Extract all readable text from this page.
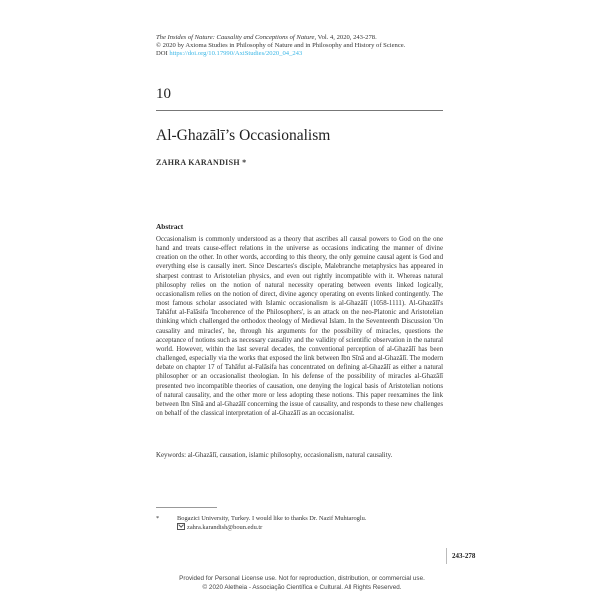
The Insides of Nature: Causality and Conceptions of Nature, Vol. 4, 2020, 243-278.
© 2020 by Axioma Studies in Philosophy of Nature and in Philosophy and History of Science.
DOI https://doi.org/10.17990/AxiStudies/2020_04_243
10
Al-Ghazālī’s Occasionalism
ZAHRA KARANDISH *
Abstract
Occasionalism is commonly understood as a theory that ascribes all causal powers to God on the one hand and treats cause-effect relations in the universe as occasions indicating the manner of divine creation on the other. In other words, according to this theory, the only genuine causal agent is God and everything else is causally inert. Since Descartes's disciple, Malebranche metaphysics has appeared in sharpest contrast to Aristotelian physics, and even out rightly incompatible with it. Whereas natural philosophy relies on the notion of natural necessity operating between events linked logically, occasionalism relies on the notion of direct, divine agency operating on events linked contingently. The most famous scholar associated with Islamic occasionalism is al-Ghazālī (1058-1111). Al-Ghazālī's Tahāfut al-Falāsifa 'Incoherence of the Philosophers', is an attack on the neo-Platonic and Aristotelian thinking which challenged the orthodox theology of Medieval Islam. In the Seventeenth Discussion 'On causality and miracles', he, through his arguments for the possibility of miracles, questions the acceptance of notions such as necessary causality and the validity of scientific observation in the natural world. However, within the last several decades, the conventional perception of al-Ghazālī has been challenged, especially via the works that exposed the link between Ibn Sīnā and al-Ghazālī. The modern debate on chapter 17 of Tahāfut al-Falāsifa has concentrated on defining al-Ghazālī as either a natural philosopher or an occasionalist theologian. In his defense of the possibility of miracles al-Ghazālī presented two incompatible theories of causation, one denying the logical basis of Aristotelian notions of natural causality, and the other more or less adopting these notions. This paper reexamines the link between Ibn Sīnā and al-Ghazālī concerning the issue of causality, and responds to these new challenges on behalf of the classical interpretation of al-Ghazālī as an occasionalist.
Keywords: al-Ghazālī, causation, islamic philosophy, occasionalism, natural causality.
*	Bogazici University, Turkey. I would like to thanks Dr. Nazif Muhtaroglu.
zahra.karandish@boun.edu.tr
243-278
Provided for Personal License use. Not for reproduction, distribution, or commercial use.
© 2020 Aletheia - Associação Científica e Cultural. All Rights Reserved.
